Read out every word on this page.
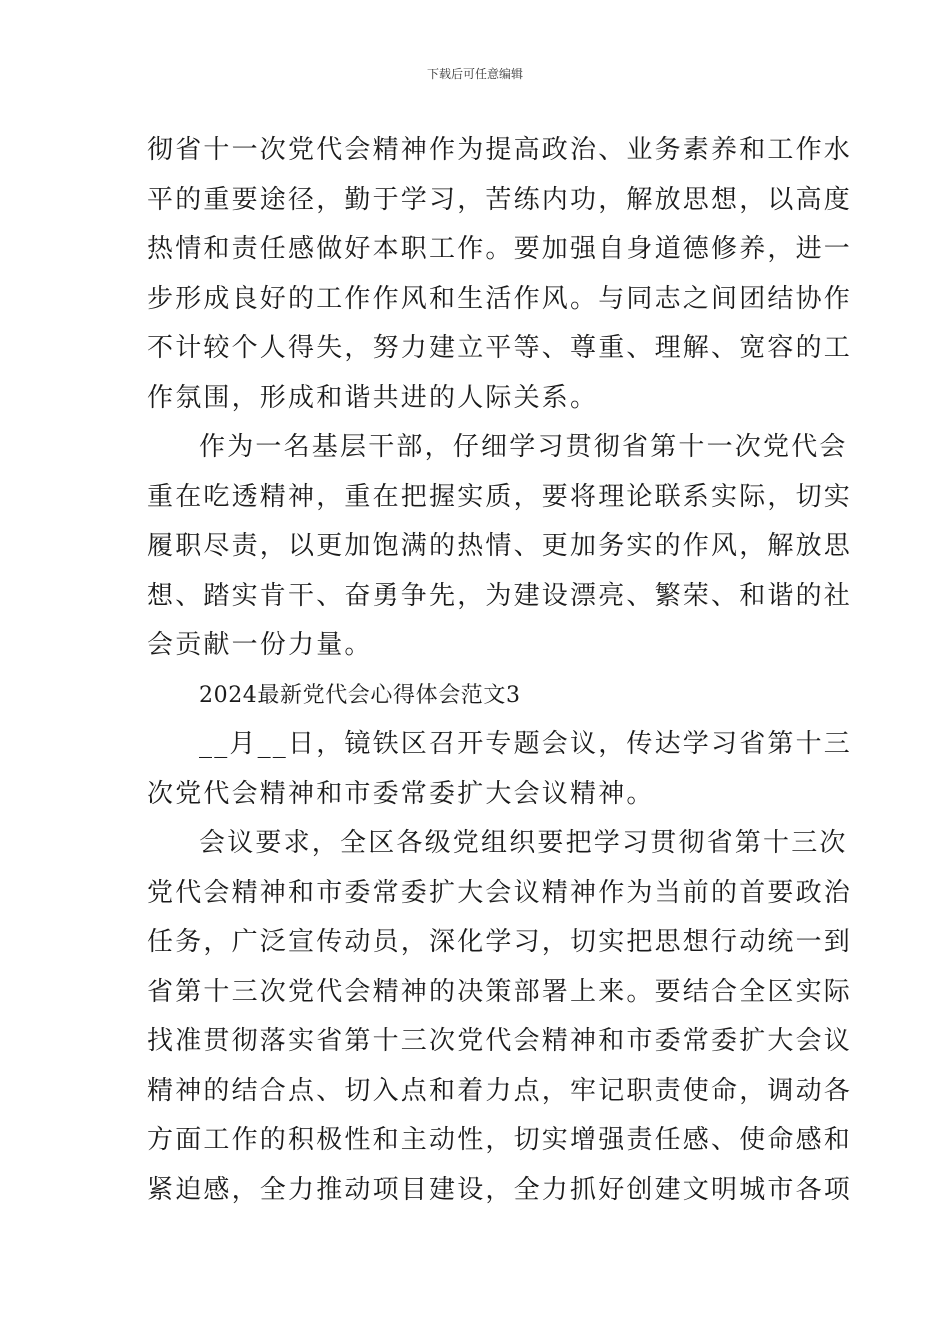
下载后可任意编辑
彻省十一次党代会精神作为提高政治、业务素养和工作水
平的重要途径，勤于学习，苦练内功，解放思想，以高度
热情和责任感做好本职工作。要加强自身道德修养，进一
步形成良好的工作作风和生活作风。与同志之间团结协作
不计较个人得失，努力建立平等、尊重、理解、宽容的工
作氛围，形成和谐共进的人际关系。
作为一名基层干部，仔细学习贯彻省第十一次党代会
重在吃透精神，重在把握实质，要将理论联系实际，切实
履职尽责，以更加饱满的热情、更加务实的作风，解放思
想、踏实肯干、奋勇争先，为建设漂亮、繁荣、和谐的社
会贡献一份力量。
2024最新党代会心得体会范文3
__月__日，镜铁区召开专题会议，传达学习省第十三
次党代会精神和市委常委扩大会议精神。
会议要求，全区各级党组织要把学习贯彻省第十三次
党代会精神和市委常委扩大会议精神作为当前的首要政治
任务，广泛宣传动员，深化学习，切实把思想行动统一到
省第十三次党代会精神的决策部署上来。要结合全区实际
找准贯彻落实省第十三次党代会精神和市委常委扩大会议
精神的结合点、切入点和着力点，牢记职责使命，调动各
方面工作的积极性和主动性，切实增强责任感、使命感和
紧迫感，全力推动项目建设，全力抓好创建文明城市各项
